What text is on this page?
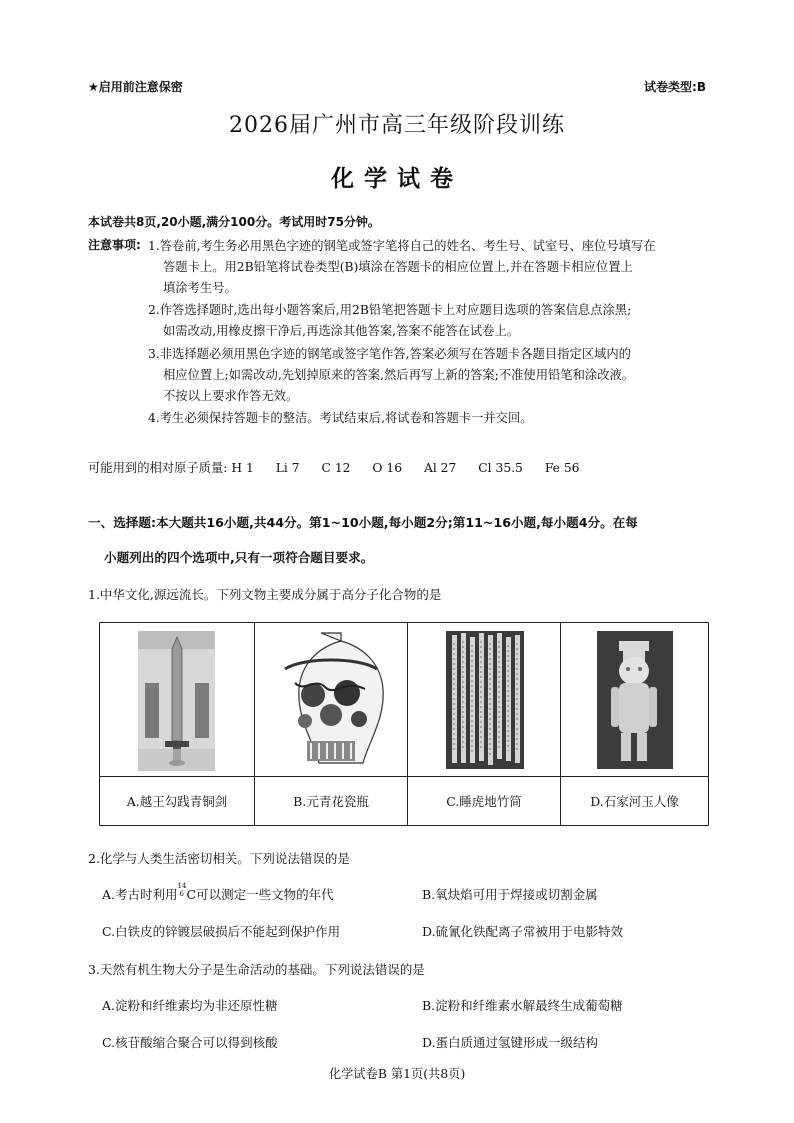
★启用前注意保密	试卷类型:B
2026届广州市高三年级阶段训练
化学试卷
本试卷共8页,20小题,满分100分。考试用时75分钟。
注意事项: 1.答卷前,考生务必用黑色字迹的钢笔或签字笔将自己的姓名、考生号、试室号、座位号填写在
答题卡上。用2B铅笔将试卷类型(B)填涂在答题卡的相应位置上,并在答题卡相应位置上
填涂考生号。
2.作答选择题时,选出每小题答案后,用2B铅笔把答题卡上对应题目选项的答案信息点涂黑;
如需改动,用橡皮擦干净后,再选涂其他答案,答案不能答在试卷上。
3.非选择题必须用黑色字迹的钢笔或签字笔作答,答案必须写在答题卡各题目指定区域内的
相应位置上;如需改动,先划掉原来的答案,然后再写上新的答案;不准使用铅笔和涂改液。
不按以上要求作答无效。
4.考生必须保持答题卡的整洁。考试结束后,将试卷和答题卡一并交回。
可能用到的相对原子质量: H 1 Li 7 C 12 O 16 Al 27 Cl 35.5 Fe 56
一、选择题:本大题共16小题,共44分。第1~10小题,每小题2分;第11~16小题,每小题4分。在每
小题列出的四个选项中,只有一项符合题目要求。
1.中华文化,源远流长。下列文物主要成分属于高分子化合物的是
A.越王勾践青铜剑	B.元青花瓷瓶	C.睡虎地竹简	D.石家河玉人像
2.化学与人类生活密切相关。下列说法错误的是
A.考古时利用
14
6 C可以测定一些文物的年代	B.氧炔焰可用于焊接或切割金属
C.白铁皮的锌镀层破损后不能起到保护作用	D.硫氰化铁配离子常被用于电影特效
3.天然有机生物大分子是生命活动的基础。下列说法错误的是
A.淀粉和纤维素均为非还原性糖	B.淀粉和纤维素水解最终生成葡萄糖
C.核苷酸缩合聚合可以得到核酸	D.蛋白质通过氢键形成一级结构
化学试卷B 第1页(共8页)
